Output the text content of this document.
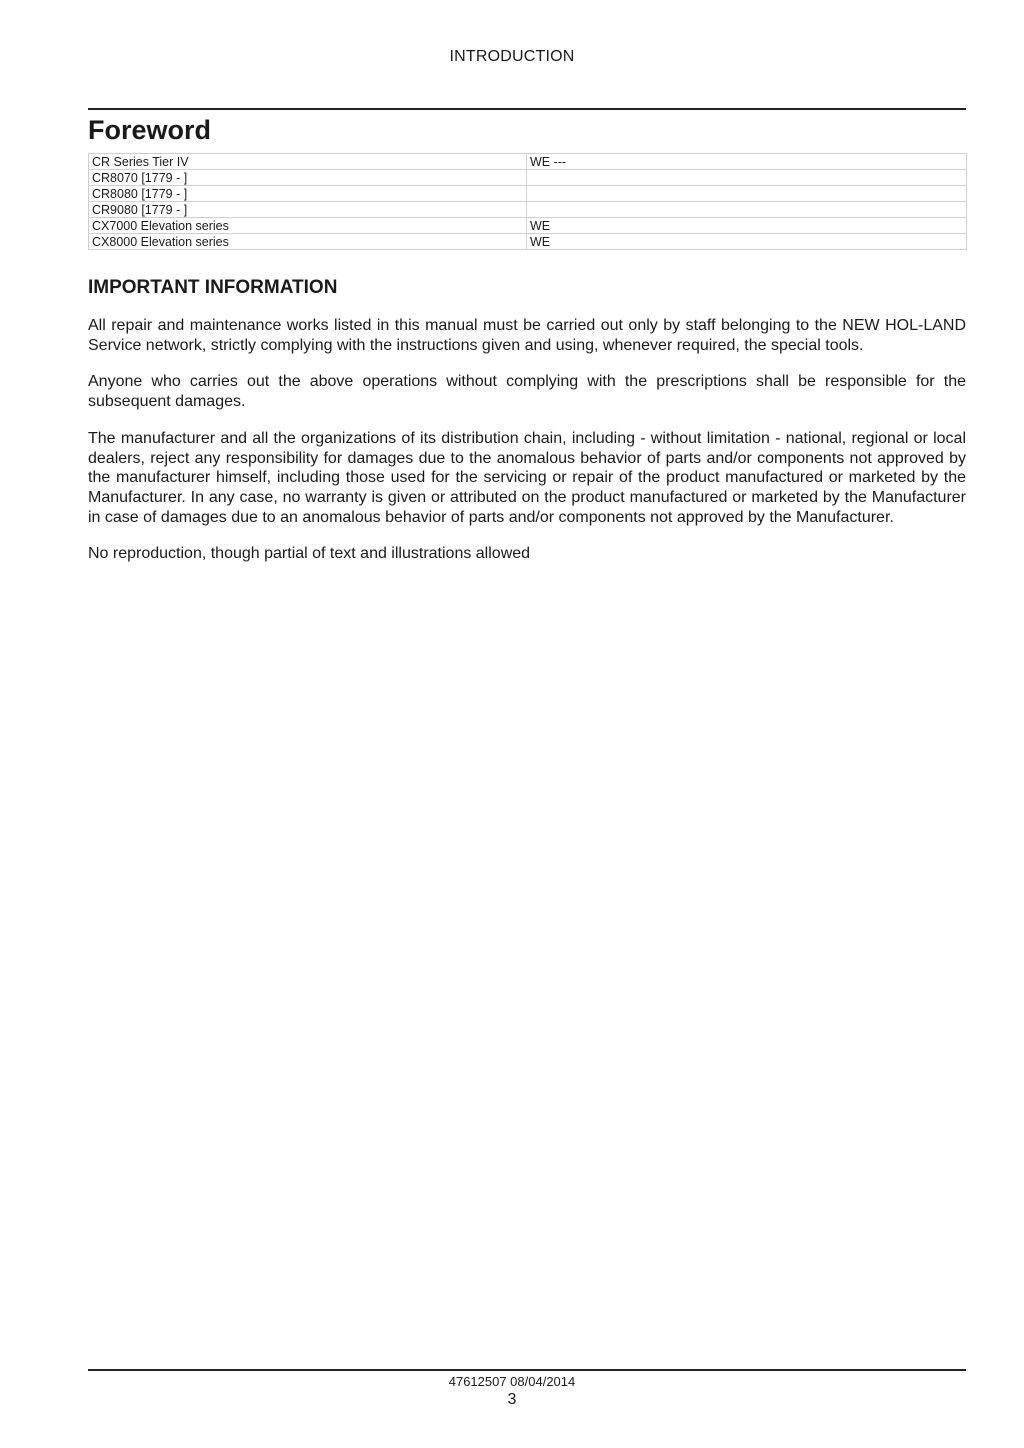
INTRODUCTION
Foreword
CR Series Tier IV	WE ---
CR8070 [1779 - ]	
CR8080 [1779 - ]	
CR9080 [1779 - ]	
CX7000 Elevation series	WE
CX8000 Elevation series	WE
IMPORTANT INFORMATION

All repair and maintenance works listed in this manual must be carried out only by staff belonging to the NEW HOL-LAND Service network, strictly complying with the instructions given and using, whenever required, the special tools.

Anyone who carries out the above operations without complying with the prescriptions shall be responsible for the subsequent damages.

The manufacturer and all the organizations of its distribution chain, including - without limitation - national, regional or local dealers, reject any responsibility for damages due to the anomalous behavior of parts and/or components not approved by the manufacturer himself, including those used for the servicing or repair of the product manufactured or marketed by the Manufacturer. In any case, no warranty is given or attributed on the product manufactured or marketed by the Manufacturer in case of damages due to an anomalous behavior of parts and/or components not approved by the Manufacturer.

No reproduction, though partial of text and illustrations allowed

47612507 08/04/2014
3
